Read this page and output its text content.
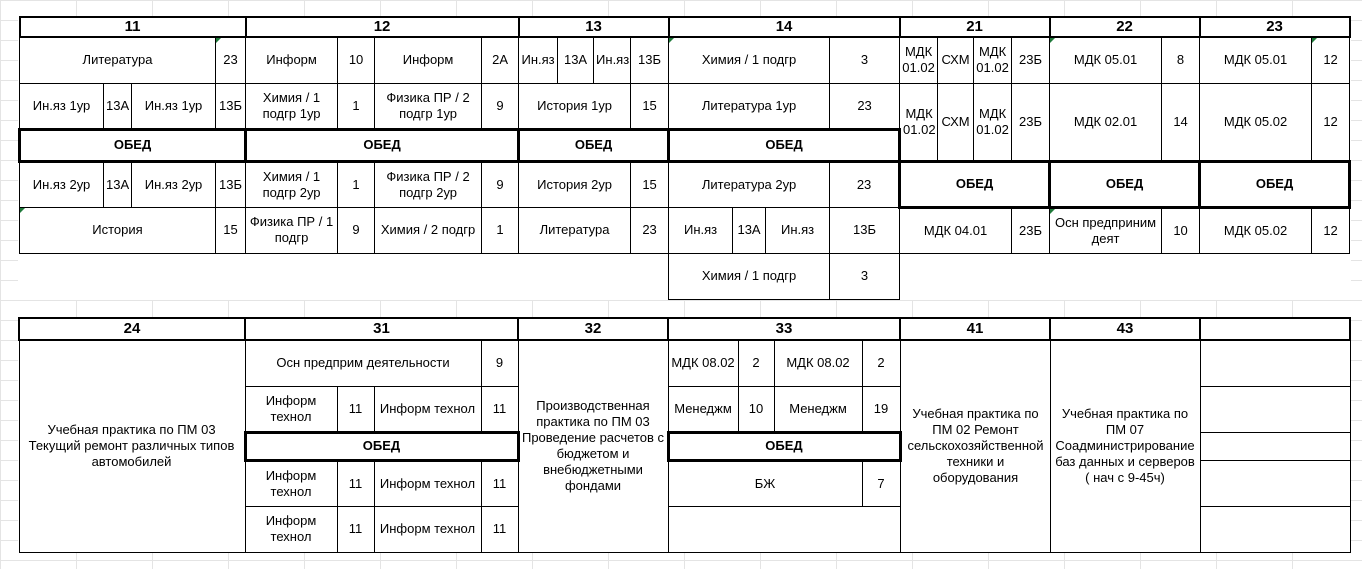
11				12				13				14				21				22		23	
Литература			23	Информ	10	Информ	2А	Ин.яз	13А	Ин.яз	13Б	Химия / 1 подгр			3	МДК 01.02	СХМ	МДК 01.02	23Б	МДК 05.01	8	МДК 05.01	12
Ин.яз 1ур	13А	Ин.яз 1ур	13Б	Химия / 1 подгр 1ур	1	Физика ПР / 2 подгр 1ур	9	История 1ур			15	Литература 1ур			23	МДК 01.02	СХМ	МДК 01.02	23Б	МДК 02.01	14	МДК 05.02	12
ОБЕД				ОБЕД				ОБЕД				ОБЕД											
Ин.яз 2ур	13А	Ин.яз 2ур	13Б	Химия / 1 подгр 2ур	1	Физика ПР / 2 подгр 2ур	9	История 2ур			15	Литература 2ур			23	ОБЕД				ОБЕД		ОБЕД	
История			15	Физика ПР / 1 подгр	9	Химия / 2 подгр	1	Литература			23	Ин.яз	13А	Ин.яз	13Б	МДК 04.01			23Б	Осн предприним деят	10	МДК 05.02	12
												Химия / 1 подгр			3								
24	31				32	33				41	43	
Учебная практика по ПМ 03 Текущий ремонт различных типов автомобилей	Осн предприм деятельности			9	Производственная практика по ПМ 03 Проведение расчетов с бюджетом и внебюджетными фондами	МДК 08.02	2	МДК 08.02	2	Учебная практика по ПМ 02 Ремонт сельскохозяйственной техники и оборудования	Учебная практика по ПМ 07 Соадминистрирование баз данных и серверов ( нач с 9-45ч)	
	Информ технол	11	Информ технол	11		Менеджм	10	Менеджм	19			
	ОБЕД					ОБЕД						
	Информ технол	11	Информ технол	11		БЖ			7			
	Информ технол	11	Информ технол	11								
